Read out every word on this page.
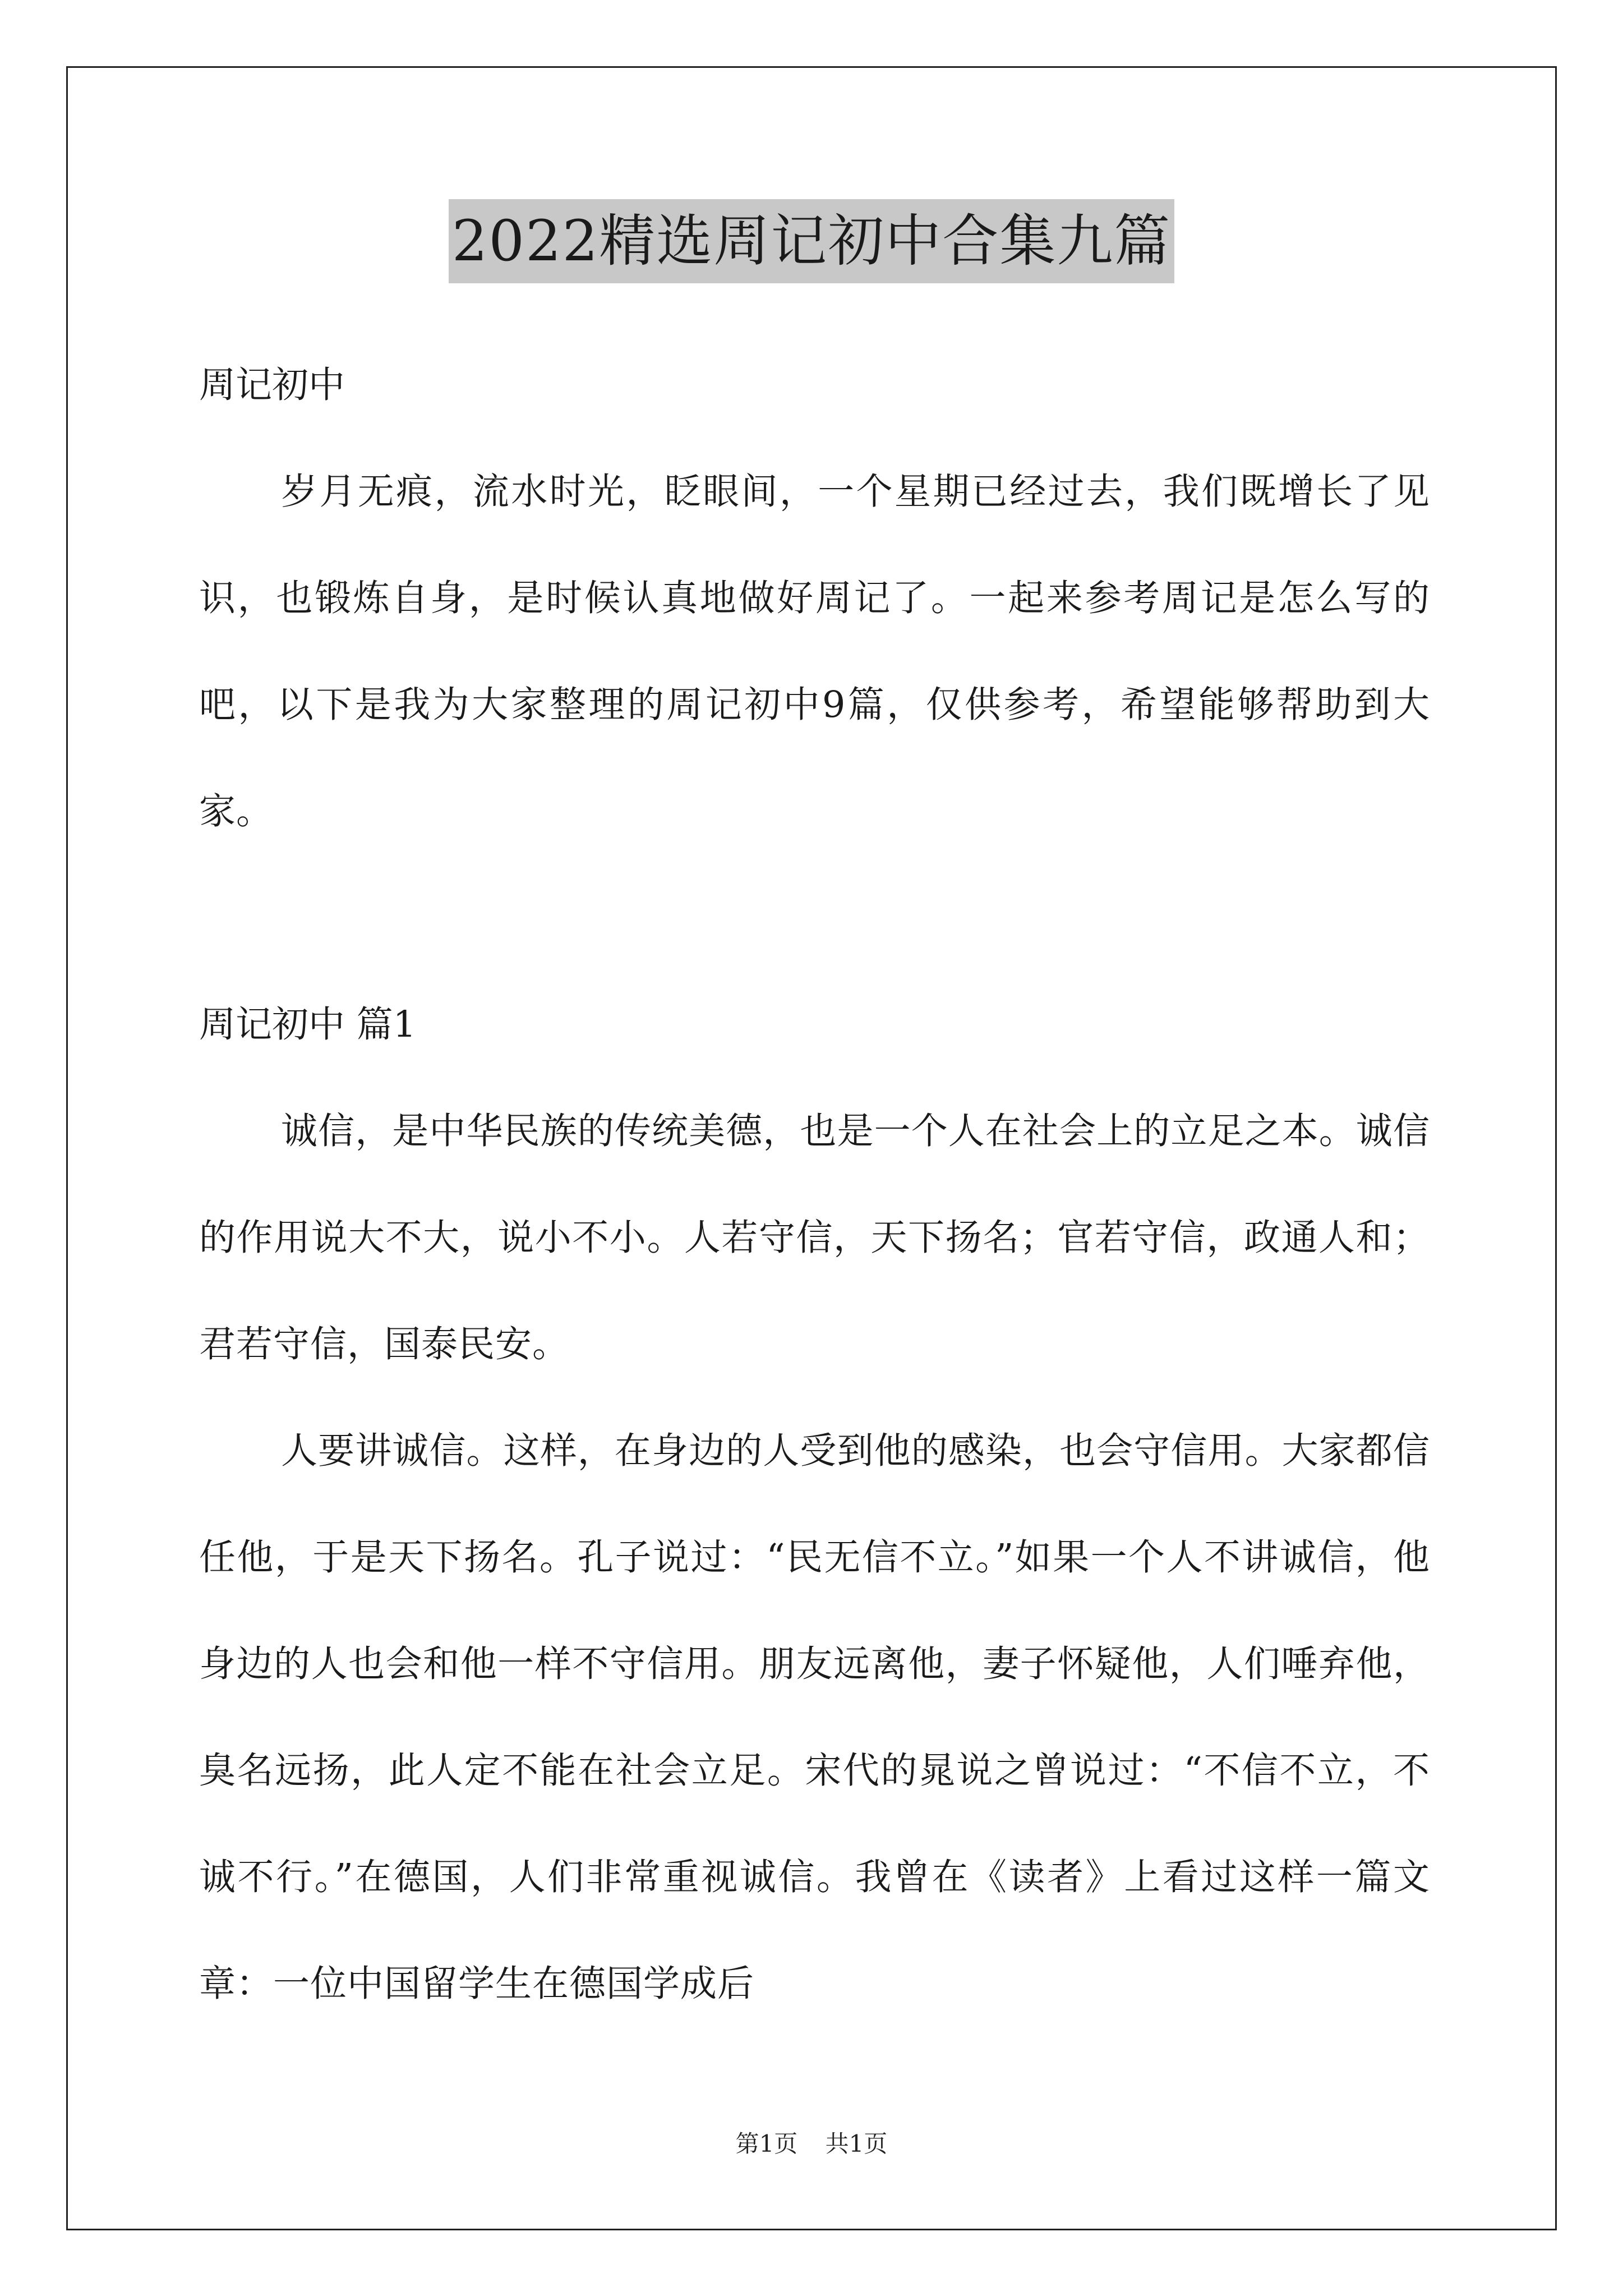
2022精选周记初中合集九篇

周记初中

岁月无痕，流水时光，眨眼间，一个星期已经过去，我们既增长了见识，也锻炼自身，是时候认真地做好周记了。一起来参考周记是怎么写的吧，以下是我为大家整理的周记初中9篇，仅供参考，希望能够帮助到大家。

周记初中 篇1

诚信，是中华民族的传统美德，也是一个人在社会上的立足之本。诚信的作用说大不大，说小不小。人若守信，天下扬名；官若守信，政通人和；君若守信，国泰民安。

人要讲诚信。这样，在身边的人受到他的感染，也会守信用。大家都信任他，于是天下扬名。孔子说过：“民无信不立。”如果一个人不讲诚信，他身边的人也会和他一样不守信用。朋友远离他，妻子怀疑他，人们唾弃他，臭名远扬，此人定不能在社会立足。宋代的晁说之曾说过：“不信不立，不诚不行。”在德国，人们非常重视诚信。我曾在《读者》上看过这样一篇文章：一位中国留学生在德国学成后

第1页 共1页
